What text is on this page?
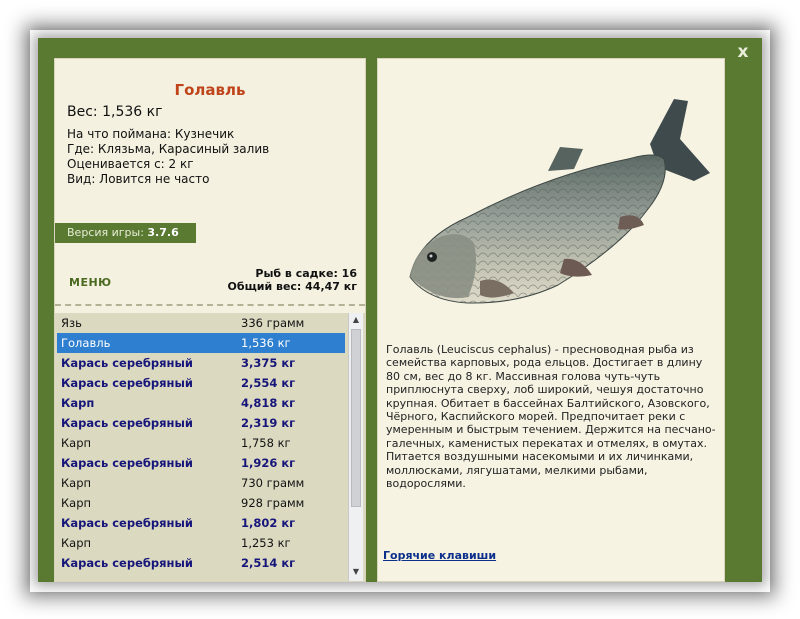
x
Голавль
Вес: 1,536 кг
На что поймана: Кузнечик
Где: Клязьма, Карасиный залив
Оценивается с: 2 кг
Вид: Ловится не часто
Версия игры: 3.7.6
МЕНЮ
Рыб в садке: 16
Общий вес: 44,47 кг
Язь	336 грамм
Голавль	1,536 кг
Карась серебряный	3,375 кг
Карась серебряный	2,554 кг
Карп	4,818 кг
Карась серебряный	2,319 кг
Карп	1,758 кг
Карась серебряный	1,926 кг
Карп	730 грамм
Карп	928 грамм
Карась серебряный	1,802 кг
Карп	1,253 кг
Карась серебряный	2,514 кг
▲
▼
Голавль (Leuciscus cephalus) - пресноводная рыба из семейства карповых, рода ельцов. Достигает в длину 80 см, вес до 8 кг. Массивная голова чуть-чуть приплюснута сверху, лоб широкий, чешуя достаточно крупная. Обитает в бассейнах Балтийского, Азовского, Чёрного, Каспийского морей. Предпочитает реки с умеренным и быстрым течением. Держится на песчано-галечных, каменистых перекатах и отмелях, в омутах. Питается воздушными насекомыми и их личинками, моллюсками, лягушатами, мелкими рыбами, водорослями.
Горячие клавиши
